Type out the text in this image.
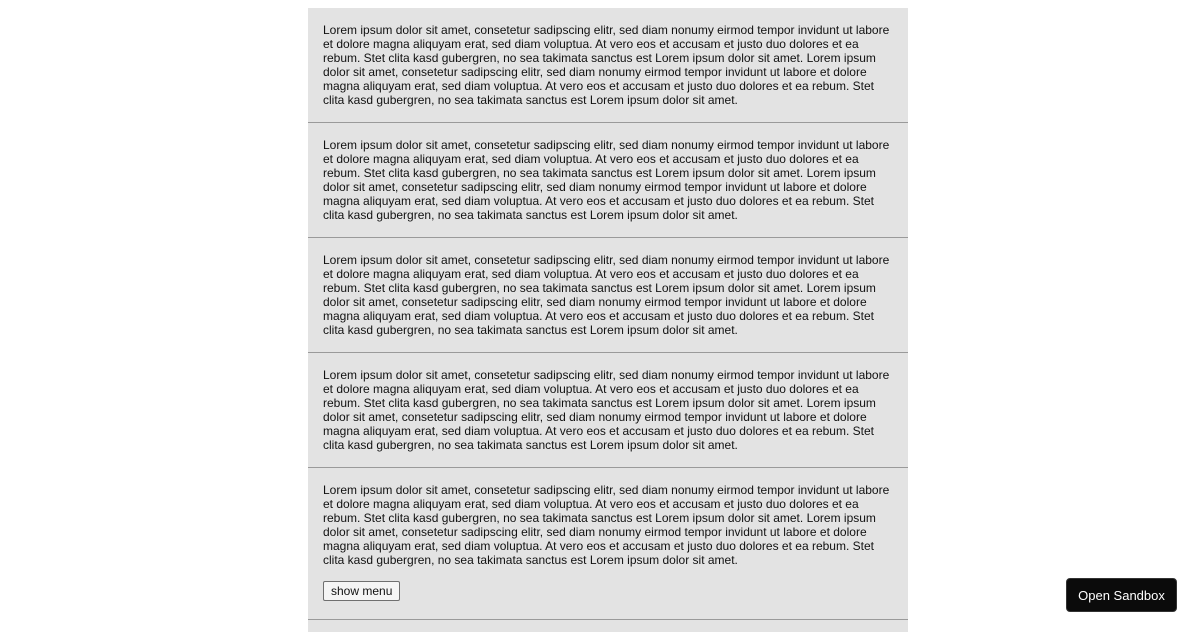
Lorem ipsum dolor sit amet, consetetur sadipscing elitr, sed diam nonumy eirmod tempor invidunt ut labore et dolore magna aliquyam erat, sed diam voluptua. At vero eos et accusam et justo duo dolores et ea rebum. Stet clita kasd gubergren, no sea takimata sanctus est Lorem ipsum dolor sit amet. Lorem ipsum dolor sit amet, consetetur sadipscing elitr, sed diam nonumy eirmod tempor invidunt ut labore et dolore magna aliquyam erat, sed diam voluptua. At vero eos et accusam et justo duo dolores et ea rebum. Stet clita kasd gubergren, no sea takimata sanctus est Lorem ipsum dolor sit amet.

Lorem ipsum dolor sit amet, consetetur sadipscing elitr, sed diam nonumy eirmod tempor invidunt ut labore et dolore magna aliquyam erat, sed diam voluptua. At vero eos et accusam et justo duo dolores et ea rebum. Stet clita kasd gubergren, no sea takimata sanctus est Lorem ipsum dolor sit amet. Lorem ipsum dolor sit amet, consetetur sadipscing elitr, sed diam nonumy eirmod tempor invidunt ut labore et dolore magna aliquyam erat, sed diam voluptua. At vero eos et accusam et justo duo dolores et ea rebum. Stet clita kasd gubergren, no sea takimata sanctus est Lorem ipsum dolor sit amet.

Lorem ipsum dolor sit amet, consetetur sadipscing elitr, sed diam nonumy eirmod tempor invidunt ut labore et dolore magna aliquyam erat, sed diam voluptua. At vero eos et accusam et justo duo dolores et ea rebum. Stet clita kasd gubergren, no sea takimata sanctus est Lorem ipsum dolor sit amet. Lorem ipsum dolor sit amet, consetetur sadipscing elitr, sed diam nonumy eirmod tempor invidunt ut labore et dolore magna aliquyam erat, sed diam voluptua. At vero eos et accusam et justo duo dolores et ea rebum. Stet clita kasd gubergren, no sea takimata sanctus est Lorem ipsum dolor sit amet.

Lorem ipsum dolor sit amet, consetetur sadipscing elitr, sed diam nonumy eirmod tempor invidunt ut labore et dolore magna aliquyam erat, sed diam voluptua. At vero eos et accusam et justo duo dolores et ea rebum. Stet clita kasd gubergren, no sea takimata sanctus est Lorem ipsum dolor sit amet. Lorem ipsum dolor sit amet, consetetur sadipscing elitr, sed diam nonumy eirmod tempor invidunt ut labore et dolore magna aliquyam erat, sed diam voluptua. At vero eos et accusam et justo duo dolores et ea rebum. Stet clita kasd gubergren, no sea takimata sanctus est Lorem ipsum dolor sit amet.

Lorem ipsum dolor sit amet, consetetur sadipscing elitr, sed diam nonumy eirmod tempor invidunt ut labore et dolore magna aliquyam erat, sed diam voluptua. At vero eos et accusam et justo duo dolores et ea rebum. Stet clita kasd gubergren, no sea takimata sanctus est Lorem ipsum dolor sit amet. Lorem ipsum dolor sit amet, consetetur sadipscing elitr, sed diam nonumy eirmod tempor invidunt ut labore et dolore magna aliquyam erat, sed diam voluptua. At vero eos et accusam et justo duo dolores et ea rebum. Stet clita kasd gubergren, no sea takimata sanctus est Lorem ipsum dolor sit amet.

show menu	Open Sandbox
